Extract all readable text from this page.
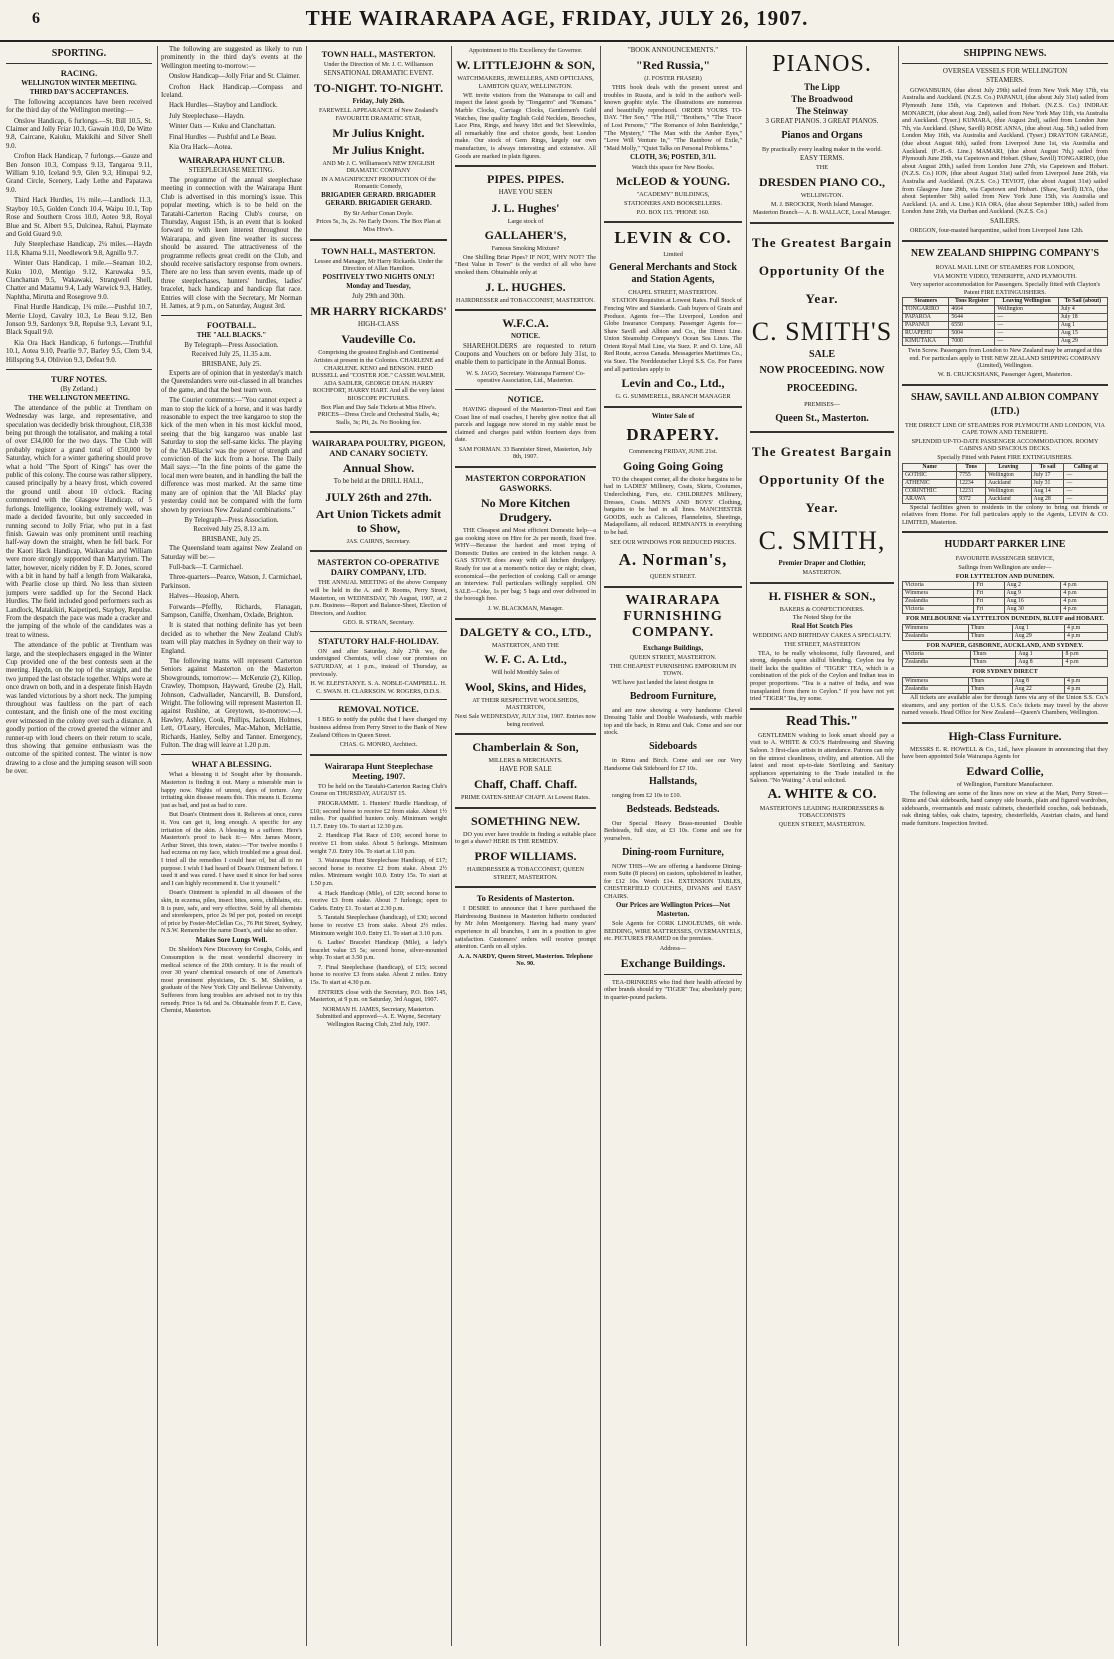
6	THE WAIRARAPA AGE, FRIDAY, JULY 26, 1907.
SPORTING.
RACING.
WELLINGTON WINTER MEETING.
THIRD DAY'S ACCEPTANCES.

The following acceptances have been received for the third day of the Wellington meeting:—

Onslow Handicap, 6 furlongs.—St. Bill 10.5, St. Claimer and Jolly Friar 10.3, Gawain 10.0, De Witte 9.8, Caircane, Kaiuku, Makikihi and Silver Shell 9.0.

Crofton Hack Handicap, 7 furlongs.—Gauze and Ben Jonson 10.3, Compass 9.13, Tangaroa 9.11, William 9.10, Iceland 9.9, Glen 9.3, Hinupai 9.2, Grand Circle, Scenery, Lady Lethe and Papatawa 9.0.

Third Hack Hurdles, 1½ mile.—Landlock 11.3, Stayboy 10.5, Golden Conch 10.4, Waipu 10.1, Top Rose and Southern Cross 10.0, Aoteo 9.8, Royal Blue and St. Albert 9.5, Dulcinea, Rahui, Playmate and Gold Guard 9.0.

July Steeplechase Handicap, 2¼ miles.—Haydn 11.8, Khama 9.11, Needlework 9.8, Agnillo 9.7.

Winter Oats Handicap, 1 mile.—Seaman 10.2, Kuku 10.0, Mentigo 9.12, Karuwaka 9.5, Clanchattan 9.5, Wakawaki, Strangwell Shell, Chatter and Matamu 9.4, Lady Warwick 9.3, Hatley, Naphtha, Mirutta and Rosegrove 9.0.

Final Hurdle Handicap, 1¾ mile.—Pushful 10.7, Merrie Lloyd, Cavalry 10.3, Le Beau 9.12, Ben Jonson 9.9, Sardonyx 9.8, Repulse 9.3, Levant 9.1, Black Squall 9.0.

Kia Ora Hack Handicap, 6 furlongs.—Truthful 10.1, Aotea 9.10, Pearlie 9.7, Barley 9.5, Clem 9.4, Hillspring 9.4, Oblivion 9.3, Defeat 9.0.

TURF NOTES.
(By Zetland.)
THE WELLINGTON MEETING.

The attendance of the public at Trentham on Wednesday was large, and representative, and speculation was decidedly brisk throughout, £18,338 being put through the totalisator, and making a total of over £34,000 for the two days. The Club will probably register a grand total of £50,000 by Saturday, which for a winter gathering should prove what a hold "The Sport of Kings" has over the public of this colony. The course was rather slippery, caused principally by a heavy frost, which covered the ground until about 10 o'clock. Racing commenced with the Glasgow Handicap, of 5 furlongs. Intelligence, looking extremely well, was made a decided favourite, but only succeeded in running second to Jolly Friar, who put in a fast finish. Gawain was only prominent until reaching half-way down the straight, when he fell back. For the Kaori Hack Handicap, Waikaraka and William were more strongly supported than Martyrium. The latter, however, nicely ridden by F. D. Jones, scored with a bit in hand by half a length from Waikaraka, with Pearlie close up third. No less than sixteen jumpers were saddled up for the Second Hack Hurdles. The field included good performers such as Landlock, Matakikiri, Kaipetipeti, Stayboy, Repulse. From the despatch the pace was made a cracker and the jumping of the whole of the candidates was a treat to witness.

The attendance of the public at Trentham was large, and the steeplechasers engaged in the Winter Cup provided one of the best contests seen at the meeting. Haydn, on the top of the straight, and the two jumped the last obstacle together. Whips were at once drawn on both, and in a desperate finish Haydn was landed victorious by a short neck. The jumping throughout was faultless on the part of each contestant, and the finish one of the most exciting ever witnessed in the colony over such a distance. A goodly portion of the crowd greeted the winner and runner-up with loud cheers on their return to scale, thus showing that genuine enthusiasm was the outcome of the spirited contest. The winter is now drawing to a close and the jumping season will soon be over.

The following are suggested as likely to run prominently in the third day's events at the Wellington meeting to-morrow:—

Onslow Handicap—Jolly Friar and St. Claimer.

Crofton Hack Handicap.—Compass and Iceland.

Hack Hurdles—Stayboy and Landlock.

July Steeplechase—Haydn.

Winter Oats — Kuku and Clanchattan.

Final Hurdles — Pushful and Le Beau.

Kia Ora Hack—Aotea.

WAIRARAPA HUNT CLUB.
STEEPLECHASE MEETING.

The programme of the annual steeplechase meeting in connection with the Wairarapa Hunt Club is advertised in this morning's issue. This popular meeting, which is to be held on the Taratahi-Carterton Racing Club's course, on Thursday, August 15th, is an event that is looked forward to with keen interest throughout the Wairarapa, and given fine weather its success should be assured. The attractiveness of the programme reflects great credit on the Club, and should receive satisfactory response from owners. There are no less than seven events, made up of three steeplechases, hunters' hurdles, ladies' bracelet, hack handicap and handicap flat race. Entries will close with the Secretary, Mr Norman H. James, at 9 p.m., on Saturday, August 3rd.

FOOTBALL.
THE "ALL BLACKS."
By Telegraph—Press Association.
Received July 25, 11.35 a.m.
BRISBANE, July 25.

Experts are of opinion that in yesterday's match the Queenslanders were out-classed in all branches of the game, and that the best team won.

The Courier comments:—"You cannot expect a man to stop the kick of a horse, and it was hardly reasonable to expect the tree kangaroo to stop the kick of the men when in his most kickful mood, seeing that the big kangaroo was unable last Saturday to stop the self-same kicks. The playing of the 'All-Blacks' was the power of strength and conviction of the kick from a horse. The Daily Mail says:—"In the fine points of the game the local men were beaten, and in handling the ball the difference was most marked. At the same time many are of opinion that the 'All Blacks' play yesterday could not be compared with the form shown by previous New Zealand combinations."

By Telegraph—Press Association.
Received July 25, 8.13 a.m.
BRISBANE, July 25.

The Queensland team against New Zealand on Saturday will be:—

Full-back—T. Carmichael.

Three-quarters—Pearce, Watson, J. Carmichael, Parkinson.

Halves—Heasiop, Ahern.

Forwards—Pfeffly, Richards, Flanagan, Sampson, Caniffe, Oxenham, Oxlade, Brighton.

It is stated that nothing definite has yet been decided as to whether the New Zealand Club's team will play matches in Sydney on their way to England.

The following teams will represent Carterton Seniors against Masterton on the Masterton Showgrounds, tomorrow:— McKenzie (2), Killop, Crawley, Thompson, Hayward, Greube (2), Hall, Johnson, Cadwallader, Nancarvill, B. Dunsford, Wright. The following will represent Masterton II. against Rushine, at Greytown, to-morrow:—J. Hawley, Ashley, Cook, Phillips, Jackson, Holmes, Lett, O'Leary, Hercules, Mac-Mahon, McHattie, Richards, Hanley, Selby and Tanner. Emergency, Fulton. The drag will leave at 1.20 p.m.

WHAT A BLESSING.

What a blessing it is! Sought after by thousands. Masterton is finding it out. Many a miserable man is happy now. Nights of unrest, days of torture. Any irritating skin disease means this. This means it. Eczema just as bad, and just as bad to cure.

But Doan's Ointment does it. Relieves at once, cures it. You can get it, long enough. A specific for any irritation of the skin. A blessing to a sufferer. Here's Masterton's proof to back it:— Mrs James Moore, Arthur Street, this town, states:—"For twelve months I had eczema on my face, which troubled me a great deal. I tried all the remedies I could hear of, but all to no purpose. I wish I had heard of Doan's Ointment before. I used it and was cured. I have used it since for bad sores and I can highly recommend it. Use it yourself."

Doan's Ointment is splendid in all diseases of the skin, in eczema, piles, insect bites, sores, chilblains, etc. It is pure, safe, and very effective. Sold by all chemists and storekeepers, price 2s 9d per pot, posted on receipt of price by Foster-McClellan Co., 76 Pitt Street, Sydney, N.S.W. Remember the name Doan's, and take no other.

Makes Sore Lungs Well.

Dr. Sheldon's New Discovery for Coughs, Colds, and Consumption is the most wonderful discovery in medical science of the 20th century. It is the result of over 30 years' chemical research of one of America's most prominent physicians, Dr. S. M. Sheldon, a graduate of the New York City and Bellevue University. Sufferers from lung troubles are advised not to try this remedy. Price 1s 6d. and 3s. Obtainable from F. E. Cave, Chemist, Masterton.

TOWN HALL, MASTERTON.
Under the Direction of Mr. J. C. Williamson
SENSATIONAL DRAMATIC EVENT.
TO-NIGHT. TO-NIGHT.
Friday, July 26th.
FAREWELL APPEARANCE of New Zealand's FAVOURITE DRAMATIC STAR,
Mr Julius Knight.
Mr Julius Knight.
AND Mr J. C. Williamson's NEW ENGLISH DRAMATIC COMPANY
IN A MAGNIFICENT PRODUCTION Of the Romantic Comedy,
BRIGADIER GERARD. BRIGADIER GERARD. BRIGADIER GERARD.
By Sir Arthur Conan Doyle.
Prices 5s, 3s, 2s. No Early Doors. The Box Plan at Miss Hive's.
TOWN HALL, MASTERTON.
Lessee and Manager, Mr Harry Rickards. Under the Direction of Allan Hamilton.
POSITIVELY TWO NIGHTS ONLY!
Monday and Tuesday,
July 29th and 30th.
MR HARRY RICKARDS'
HIGH-CLASS
Vaudeville Co.
Comprising the greatest English and Continental Artistes at present in the Colonies. CHARLENE and CHARLENE. KENO and BENSON. FRED RUSSELL and "COSTER JOE." CASSIE WALMER. ADA SADLER, GEORGE DEAN. HARRY ROCHFORT, HARRY HART. And all the very latest BIOSCOPE PICTURES.
Box Plan and Day Sale Tickets at Miss Hive's. PRICES—Dress Circle and Orchestral Stalls, 4s; Stalls, 3s; Pit, 2s. No Booking fee.
WAIRARAPA POULTRY, PIGEON, AND CANARY SOCIETY.
Annual Show.
To be held at the DRILL HALL,
JULY 26th and 27th.
Art Union Tickets admit to Show,
JAS. CAIRNS, Secretary.
MASTERTON CO-OPERATIVE DAIRY COMPANY, LTD.

THE ANNUAL MEETING of the above Company will be held in the A. and P. Rooms, Perry Street, Masterton, on WEDNESDAY, 7th August, 1907, at 2 p.m. Business—Report and Balance-Sheet, Election of Directors, and Auditor.

GEO. R. STRAN, Secretary.
STATUTORY HALF-HOLIDAY.

ON and after Saturday, July 27th we, the undersigned Chemists, will close our premises on SATURDAY, at 1 p.m., instead of Thursday, as previously.

H. W. ELEFSTANYE. S. A. NOBLE-CAMPBELL. H. C. SWAN. H. CLARKSON. W. ROGERS, D.D.S.
REMOVAL NOTICE.

I BEG to notify the public that I have changed my business address from Perry Street to the Bank of New Zealand Offices in Queen Street.

CHAS. G. MONRO, Architect.
Wairarapa Hunt Steeplechase Meeting, 1907.

TO be held on the Taratahi-Carterton Racing Club's Course on THURSDAY, AUGUST 15.

PROGRAMME. 1. Hunters' Hurdle Handicap, of £10; second horse to receive £2 from stake. About 1½ miles. For qualified hunters only. Minimum weight 11.7. Entry 10s. To start at 12.30 p.m.

2. Handicap Flat Race of £10; second horse to receive £1 from stake. About 5 furlongs. Minimum weight 7.0. Entry 10s. To start at 1.10 p.m.

3. Wairarapa Hunt Steeplechase Handicap, of £17; second horse to receive £2 from stake. About 2½ miles. Minimum weight 10.0. Entry 15s. To start at 1.50 p.m.

4. Hack Handicap (Mile), of £20; second horse to receive £3 from stake. About 7 furlongs; open to Cadets. Entry £1. To start at 2.30 p.m.

5. Taratahi Steeplechase (handicap), of £30; second horse to receive £3 from stake. About 2½ miles. Minimum weight 10.0. Entry £1. To start at 3.10 p.m.

6. Ladies' Bracelet Handicap (Mile), a lady's bracelet value £5 5s; second horse, silver-mounted whip. To start at 3.50 p.m.

7. Final Steeplechase (handicap), of £15; second horse to receive £3 from stake. About 2 miles. Entry 15s. To start at 4.30 p.m.

ENTRIES close with the Secretary, P.O. Box 145, Masterton, at 9 p.m. on Saturday, 3rd August, 1907.

NORMAN H. JAMES, Secretary, Masterton. Submitted and approved—A. E. Wayne, Secretary Wellington Racing Club, 23rd July, 1907.
Appointment to His Excellency the Governor.
W. LITTLEJOHN & SON,
WATCHMAKERS, JEWELLERS, AND OPTICIANS,
LAMBTON QUAY, WELLINGTON.

WE invite visitors from the Wairarapa to call and inspect the latest goods by "Tongariro" and "Kumara." Marble Clocks, Carriage Clocks, Gentlemen's Gold Watches, fine quality English Gold Necklets, Brooches, Lace Pins, Rings, and heavy 18ct and 9ct Sleevelinks, all remarkably fine and choice goods, best London make. Our stock of Gem Rings, largely our own manufacture, is always interesting and extensive. All Goods are marked in plain figures.

PIPES. PIPES.
HAVE YOU SEEN
J. L. Hughes'
Large stock of
GALLAHER'S,
Famous Smoking Mixture?

One Shilling Briar Pipes? IF NOT, WHY NOT? The "Best Value in Town" is the verdict of all who have smoked them. Obtainable only at

J. L. HUGHES.
HAIRDRESSER and TOBACCONIST, MASTERTON.
W.F.C.A.
NOTICE.

SHAREHOLDERS are requested to return Coupons and Vouchers on or before July 31st, to enable them to participate in the Annual Bonus.

W. S. JAGO, Secretary. Wairarapa Farmers' Co-operative Association, Ltd., Masterton.
NOTICE.

HAVING disposed of the Masterton-Tinui and East Coast line of mail coaches, I hereby give notice that all parcels and luggage now stored in my stable must be claimed and charges paid within fourteen days from date.

SAM FORMAN. 33 Bannister Street, Masterton, July 8th, 1907.
MASTERTON CORPORATION GASWORKS.
No More Kitchen Drudgery.

THE Cheapest and Most efficient Domestic help—a gas cooking stove on Hire for 2s per month, fixed free. WHY—Because the hardest and most trying of Domestic Duties are centred in the kitchen range. A GAS STOVE does away with all kitchen drudgery. Ready for use at a moment's notice day or night; clean, economical—the perfection of cooking. Call or arrange an interview. Full particulars willingly supplied. ON SALE—Coke, 1s per bag; 5 bags and over delivered in the borough free.

J. W. BLACKMAN, Manager.
DALGETY & CO., LTD.,
MASTERTON, AND THE
W. F. C. A. Ltd.,
Will hold Monthly Sales of
Wool, Skins, and Hides,
AT THEIR RESPECTIVE WOOLSHEDS, MASTERTON,
Next Sale WEDNESDAY, JULY 31st, 1907. Entries now being received.
Chamberlain & Son,
MILLERS & MERCHANTS.
HAVE FOR SALE
Chaff, Chaff. Chaff.
PRIME OATEN-SHEAF CHAFF. At Lowest Rates.
SOMETHING NEW.

DO you ever have trouble in finding a suitable place to get a shave? HERE IS THE REMEDY.

PROF WILLIAMS.
HAIRDRESSER & TOBACCONIST, QUEEN STREET, MASTERTON.
To Residents of Masterton.

I DESIRE to announce that I have purchased the Hairdressing Business in Masterton hitherto conducted by Mr John Montgomery. Having had many years' experience in all branches, I am in a position to give satisfaction. Customers' orders will receive prompt attention. Cards on all styles.

A. A. NARDY, Queen Street, Masterton. Telephone No. 90.
"BOOK ANNOUNCEMENTS."
"Red Russia,"
(J. FOSTER FRASER)

THIS book deals with the present unrest and troubles in Russia, and is told in the author's well-known graphic style. The illustrations are numerous and beautifully reproduced. ORDER YOURS TO-DAY. "Her Son," "The Hill," "Brothers," "The Tracer of Lost Persons," "The Romance of John Bainbridge," "The Mystery," "The Man with the Amber Eyes," "Love Will Venture In," "The Rainbow of Exile," "Maid Molly," "Quiet Talks on Personal Problems."

CLOTH, 3/6; POSTED, 3/11.
Watch this space for New Books.
McLEOD & YOUNG.
"ACADEMY" BUILDINGS,
STATIONERS AND BOOKSELLERS.
P.O. BOX 115. 'PHONE 160.
LEVIN & CO.
Limited
General Merchants and Stock and Station Agents,
CHAPEL STREET, MASTERTON.

STATION Requisites at Lowest Rates. Full Stock of Fencing Wire and Standards. Cash buyers of Grain and Produce. Agents for—The Liverpool, London and Globe Insurance Company. Passenger Agents for—Shaw Savill and Albion and Co., the Direct Line. Union Steamship Company's Ocean Sea Lines. The Orient Royal Mail Line, via Suez. P. and O. Line, All Red Route, across Canada. Messageries Maritimes Co., via Suez. The Norddeutscher Lloyd S.S. Co. For Fares and all particulars apply to

Levin and Co., Ltd.,
G. G. SUMMERELL, BRANCH MANAGER
Winter Sale of
DRAPERY.
Commencing FRIDAY, JUNE 21st.
Going Going Going

TO the cheapest corner, all the choice bargains to be had in LADIES' Millinery, Coats, Skirts, Costumes, Underclothing, Furs, etc. CHILDREN'S Millinery, Dresses, Coats. MEN'S AND BOYS' Clothing, bargains to be had in all lines. MANCHESTER GOODS, such as Calicoes, Flannelettes, Sheetings, Madapollams, all reduced. REMNANTS in everything to be had.

SEE OUR WINDOWS FOR REDUCED PRICES.
A. Norman's,
QUEEN STREET.
WAIRARAPA FURNISHING COMPANY.
Exchange Buildings,
QUEEN STREET, MASTERTON.
THE CHEAPEST FURNISHING EMPORIUM IN TOWN.

WE have just landed the latest designs in

Bedroom Furniture,

and are now showing a very handsome Chevel Dressing Table and Double Washstands, with marble top and tile back, in Rimu and Oak. Come and see our stock.

Sideboards

in Rimu and Birch. Come and see our Very Handsome Oak Sideboard for £7 10s.

Hallstands,

ranging from £2 10s to £10.

Bedsteads. Bedsteads.

Our Special Heavy Brass-mounted Double Bedsteads, full size, at £3 10s. Come and see for yourselves.

Dining-room Furniture,

NOW THIS—We are offering a handsome Dining-room Suite (8 pieces) on castors, upholstered in leather, for £12 10s. Worth £14. EXTENSION TABLES, CHESTERFIELD COUCHES, DIVANS and EASY CHAIRS.

Our Prices are Wellington Prices—Not Masterton.

Sole Agents for CORK LINOLEUMS, 6ft wide. BEDDING, WIRE MATTRESSES, OVERMANTELS, etc. PICTURES FRAMED on the premises.

Address—
Exchange Buildings.

TEA-DRINKERS who find their health affected by other brands should try "TIGER" Tea; absolutely pure; in quarter-pound packets.

PIANOS.
The Lipp
The Broadwood
The Steinway
3 GREAT PIANOS. 3 GREAT PIANOS.
Pianos and Organs
By practically every leading maker in the world.
EASY TERMS.
THE
DRESDEN PIANO CO.,
WELLINGTON.
M. J. BROCKER, North Island Manager.
Masterton Branch— A. B. WALLACE, Local Manager.
The Greatest Bargain Opportunity Of the Year.
C. SMITH'S
SALE
NOW PROCEEDING. NOW PROCEEDING.
PREMISES—
Queen St., Masterton.
The Greatest Bargain Opportunity Of the Year.
C. SMITH,
Premier Draper and Clothier,
MASTERTON.
H. FISHER & SON.,
BAKERS & CONFECTIONERS.
The Noted Shop for the
Real Hot Scotch Pies
WEDDING AND BIRTHDAY CAKES A SPECIALTY.
THE STREET, MASTERTON

TEA, to be really wholesome, fully flavoured, and strong, depends upon skilful blending. Ceylon tea by itself lacks the qualities of "TIGER" TEA, which is a combination of the pick of the Ceylon and Indian teas in proper proportions. "Tea is a native of India, and was transplanted from there to Ceylon." If you have not yet tried "TIGER" Tea, try some.

Read This."

GENTLEMEN wishing to look smart should pay a visit to A. WHITE & CO.'S Hairdressing and Shaving Saloon. 3 first-class artists in attendance. Patrons can rely on the utmost cleanliness, civility, and attention. All the latest and most up-to-date Sterilizing and Sanitary appliances appertaining to the Trade installed in the Saloon. "No Waiting." A trial solicited.

A. WHITE & CO.
MASTERTON'S LEADING HAIRDRESSERS & TOBACCONISTS
QUEEN STREET, MASTERTON.
SHIPPING NEWS.
OVERSEA VESSELS FOR WELLINGTON
STEAMERS.

GOWANBURN, (due about July 29th) sailed from New York May 17th, via Australia and Auckland. (N.Z.S. Co.) PAPANUI, (due about July 31st) sailed from Plymouth June 15th, via Capetown and Hobart. (N.Z.S. Co.) INDRAE MONARCH, (due about Aug. 2nd), sailed from New York May 11th, via Australia and Auckland. (Tyser.) KUMARA, (due August 2nd), sailed from London June 7th, via Auckland. (Shaw, Savill) ROSE ANNA, (due about Aug. 5th,) sailed from London May 16th, via Australia and Auckland. (Tyser.) DRAYTON GRANGE, (due about August 6th), sailed from Liverpool June 1st, via Australia and Auckland. (F.-H.-S. Line.) MAMARI, (due about August 7th,) sailed from Plymouth June 29th, via Capetown and Hobart. (Shaw, Savill) TONGARIRO, (due about August 20th,) sailed from London June 27th, via Capetown and Hobart. (N.Z.S. Co.) ION, (due about August 31st) sailed from Liverpool June 26th, via Australia and Auckland. (N.Z.S. Co.) TEVIOT, (due about August 31st) sailed from Glasgow June 29th, via Capetown and Hobart. (Shaw, Savill) ILYA, (due about September 5th) sailed from New York June 15th, via Australia and Auckland. (A. and A. Line.) KIA ORA, (due about September 18th,) sailed from London June 26th, via Durban and Auckland. (N.Z.S. Co.)

SAILERS.

OREGON, four-masted barquentine, sailed from Liverpool June 12th.

NEW ZEALAND SHIPPING COMPANY'S
ROYAL MAIL LINE OF STEAMERS FOR LONDON,
VIA MONTE VIDEO, TENERIFFE, AND PLYMOUTH.
Very superior accommodation for Passengers. Specially fitted with Clayton's Patent FIRE EXTINGUISHERS.
Steamers	Tons Register	Leaving Wellington	To Sail (about)
TONGARIRO	4664	Wellington	July 4
PAPAROA	5644	—	July 18
PAPANUI	6550	—	Aug 1
RUAPEHU	5004	—	Aug 15
KIMUTAKA	7000	—	Aug 29
Twin Screw. Passengers from London to New Zealand may be arranged at this end. For particulars apply to THE NEW ZEALAND SHIPPING COMPANY (Limited), Wellington.
W. B. CRUICKSHANK, Passenger Agent, Masterton.
SHAW, SAVILL AND ALBION COMPANY (LTD.)
THE DIRECT LINE OF STEAMERS FOR PLYMOUTH AND LONDON, VIA CAPE TOWN AND TENERIFFE.
SPLENDID UP-TO-DATE PASSENGER ACCOMMODATION. ROOMY CABINS AND SPACIOUS DECKS.
Specially Fitted with Patent FIRE EXTINGUISHERS.
Name	Tons	Leaving	To sail	Calling at
GOTHIC	7755	Wellington	July 17	—
ATHENIC	12234	Auckland	July 31	—
CORINTHIC	12231	Wellington	Aug 14	—
ARAWA	9372	Auckland	Aug 28	—

Special facilities given to residents in the colony to bring out friends or relatives from Home. For full particulars apply to the Agents, LEVIN & CO. LIMITED, Masterton.

HUDDART PARKER LINE
FAVOURITE PASSENGER SERVICE,
Sailings from Wellington are under—
FOR LYTTELTON AND DUNEDIN.
Victoria	Fri	Aug 2	4 p.m
Wimmera	Fri	Aug 9	4 p.m
Zealandia	Fri	Aug 16	4 p.m
Victoria	Fri	Aug 30	4 p.m
FOR MELBOURNE via LYTTELTON DUNEDIN, BLUFF and HOBART.
Wimmera	Thurs	Aug 1	4 p.m
Zealandia	Thurs	Aug 29	4 p.m
FOR NAPIER, GISBORNE, AUCKLAND, AND SYDNEY.
Victoria	Thurs	Aug 1	8 p.m
Zealandia	Thurs	Aug 8	4 p.m
FOR SYDNEY DIRECT
Wimmera	Thurs	Aug 8	4 p.m
Zealandia	Thurs	Aug 22	4 p.m

All tickets are available also for through fares via any of the Union S.S. Co.'s steamers, and any portion of the U.S.S. Co.'s tickets may travel by the above named vessels. Head Office for New Zealand—Queen's Chambers, Wellington.

High-Class Furniture.

MESSRS E. R. HOWELL & Co., Ltd., have pleasure in announcing that they have been appointed Sole Wairarapa Agents for

Edward Collie,
of Wellington, Furniture Manufacturer.

The following are some of the lines now on view at the Mart, Perry Street—Rimu and Oak sideboards, hand canopy side boards, plain and figured wardrobes, sideboards, overmantels and music cabinets, chesterfield couches, oak bedsteads, oak dining tables, oak chairs, tapestry, chesterfields, Austrian chairs, and hand made furniture. Inspection Invited.
